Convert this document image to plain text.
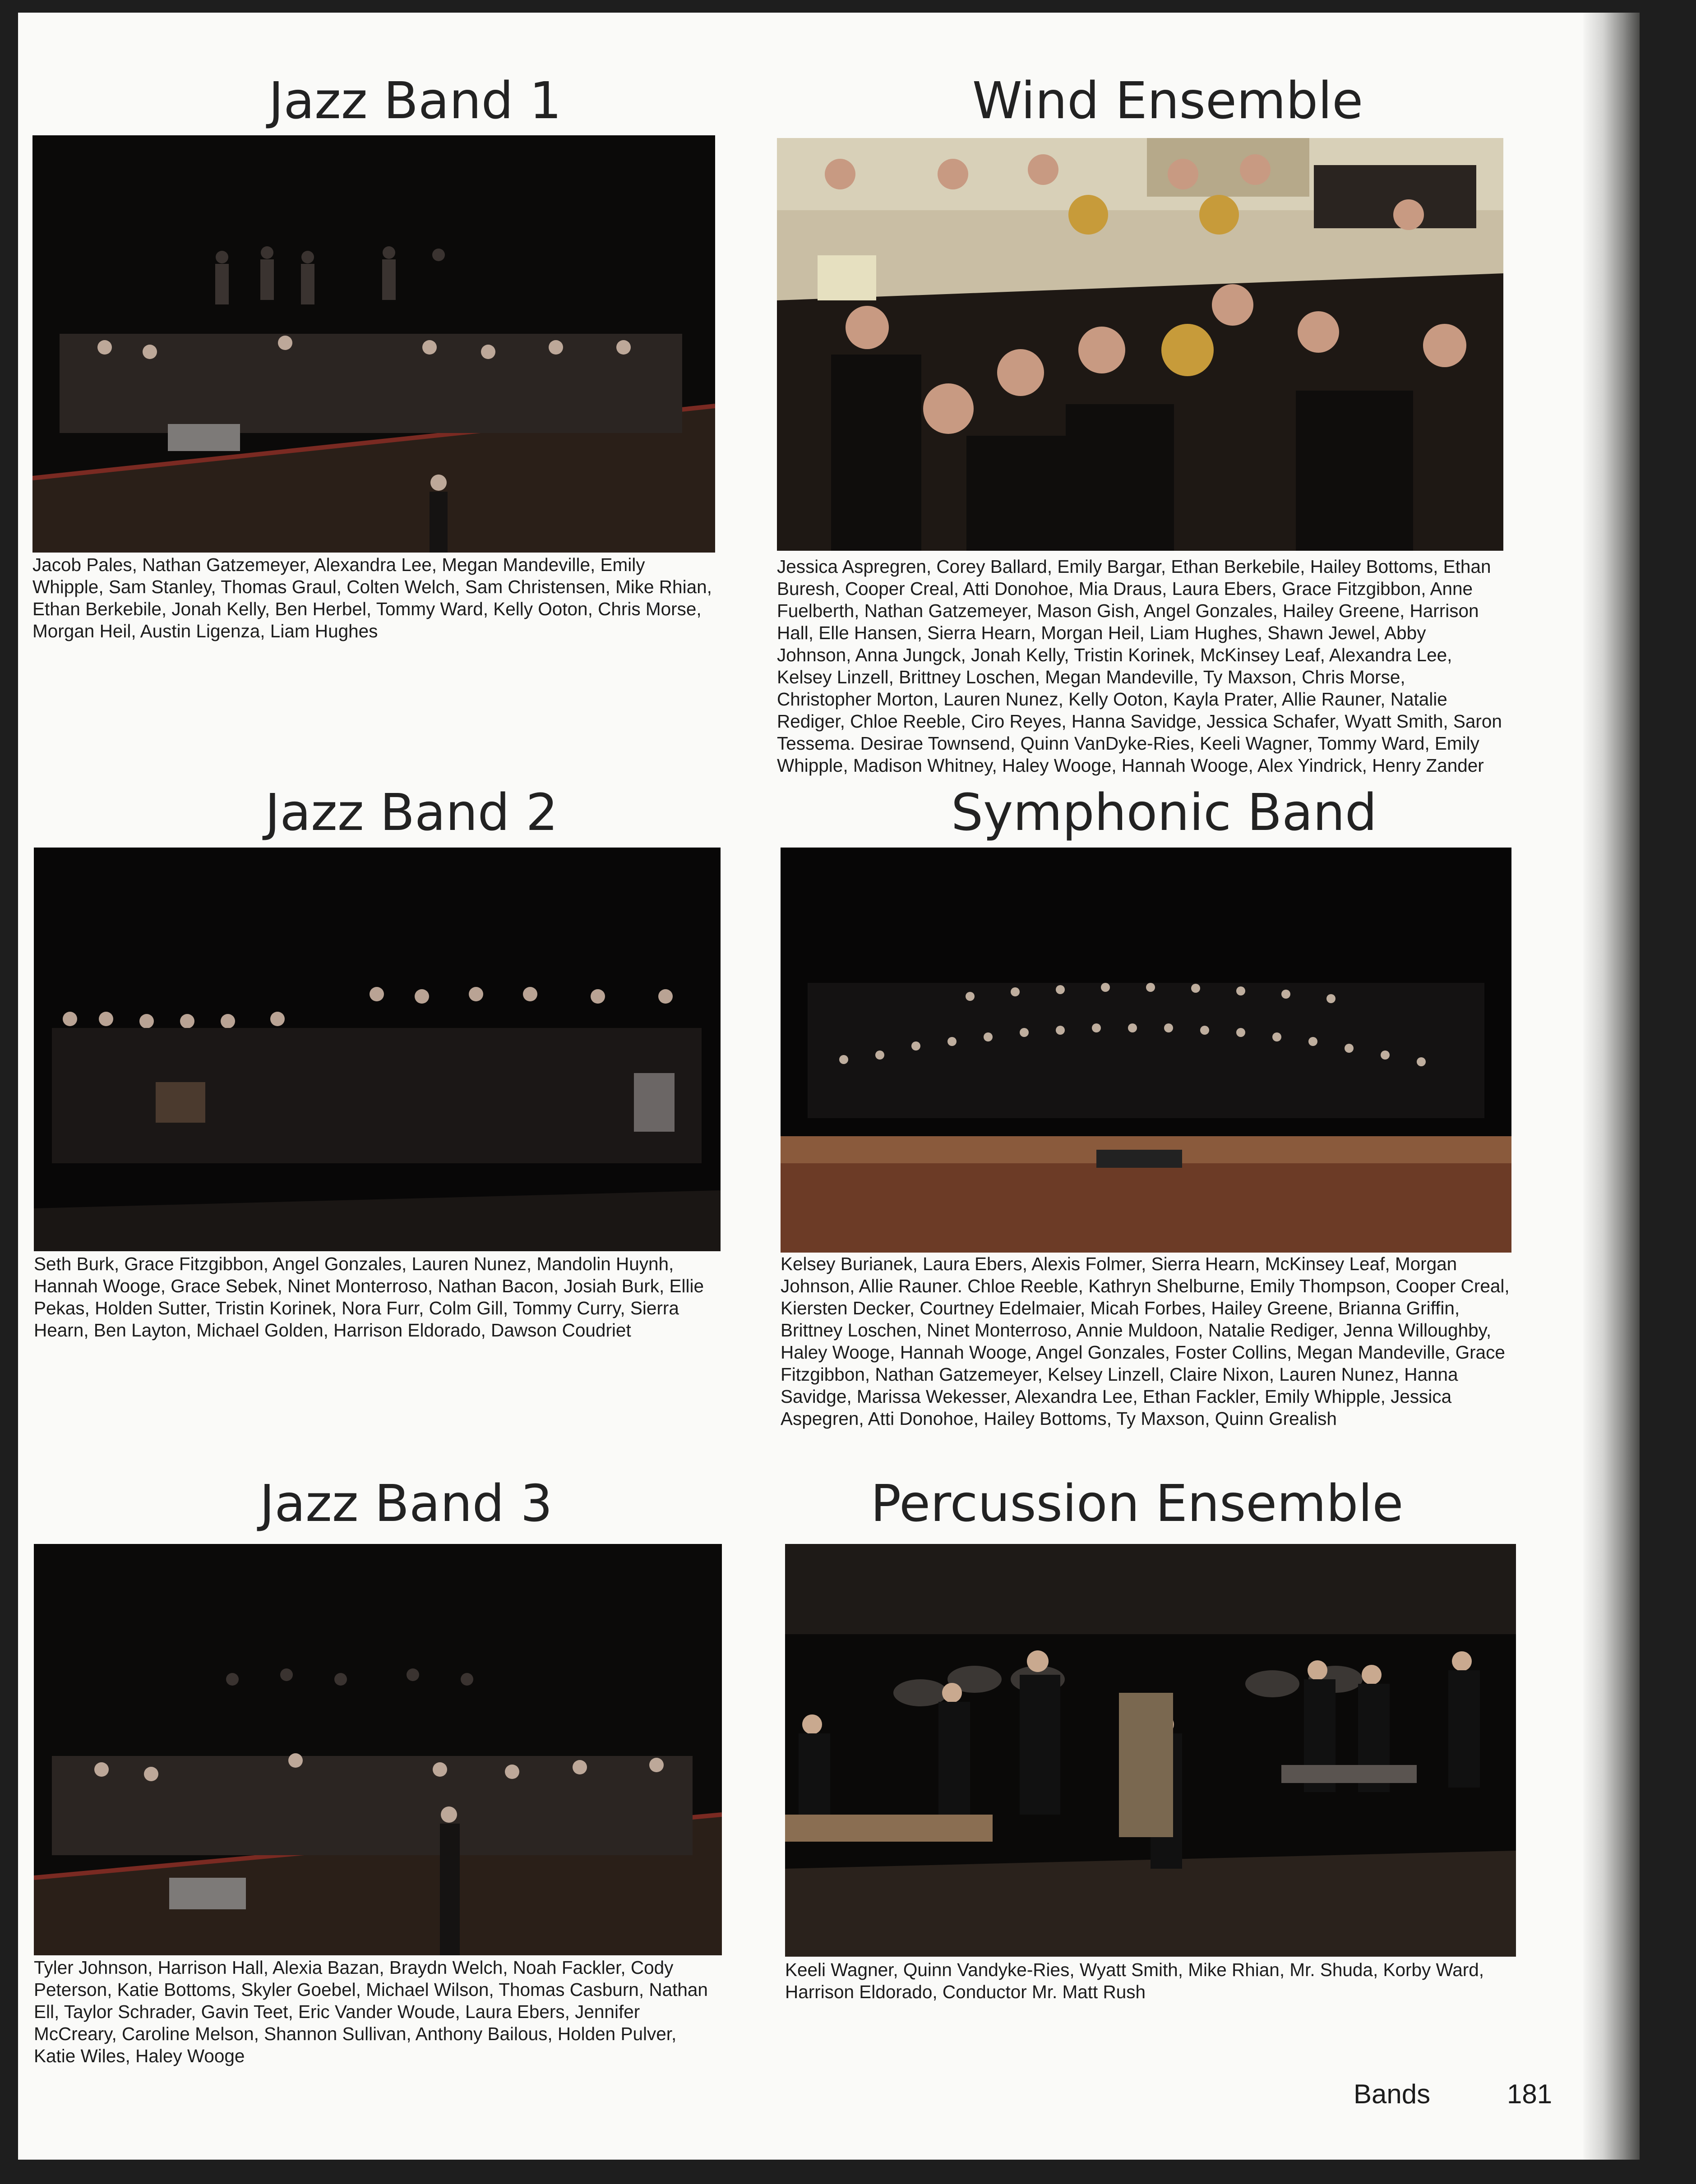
Jazz Band 1

Jacob Pales, Nathan Gatzemeyer, Alexandra Lee, Megan Mandeville, Emily Whipple, Sam Stanley, Thomas Graul, Colten Welch, Sam Christensen, Mike Rhian, Ethan Berkebile, Jonah Kelly, Ben Herbel, Tommy Ward, Kelly Ooton, Chris Morse, Morgan Heil, Austin Ligenza, Liam Hughes

Wind Ensemble

Jessica Aspregren, Corey Ballard, Emily Bargar, Ethan Berkebile, Hailey Bottoms, Ethan Buresh, Cooper Creal, Atti Donohoe, Mia Draus, Laura Ebers, Grace Fitzgibbon, Anne Fuelberth, Nathan Gatzemeyer, Mason Gish, Angel Gonzales, Hailey Greene, Harrison Hall, Elle Hansen, Sierra Hearn, Morgan Heil, Liam Hughes, Shawn Jewel, Abby Johnson, Anna Jungck, Jonah Kelly, Tristin Korinek, McKinsey Leaf, Alexandra Lee, Kelsey Linzell, Brittney Loschen, Megan Mandeville, Ty Maxson, Chris Morse, Christopher Morton, Lauren Nunez, Kelly Ooton, Kayla Prater, Allie Rauner, Natalie Rediger, Chloe Reeble, Ciro Reyes, Hanna Savidge, Jessica Schafer, Wyatt Smith, Saron Tessema. Desirae Townsend, Quinn VanDyke-Ries, Keeli Wagner, Tommy Ward, Emily Whipple, Madison Whitney, Haley Wooge, Hannah Wooge, Alex Yindrick, Henry Zander

Jazz Band 2

Seth Burk, Grace Fitzgibbon, Angel Gonzales, Lauren Nunez, Mandolin Huynh, Hannah Wooge, Grace Sebek, Ninet Monterroso, Nathan Bacon, Josiah Burk, Ellie Pekas, Holden Sutter, Tristin Korinek, Nora Furr, Colm Gill, Tommy Curry, Sierra Hearn, Ben Layton, Michael Golden, Harrison Eldorado, Dawson Coudriet

Symphonic Band

Kelsey Burianek, Laura Ebers, Alexis Folmer, Sierra Hearn, McKinsey Leaf, Morgan Johnson, Allie Rauner. Chloe Reeble, Kathryn Shelburne, Emily Thompson, Cooper Creal, Kiersten Decker, Courtney Edelmaier, Micah Forbes, Hailey Greene, Brianna Griffin, Brittney Loschen, Ninet Monterroso, Annie Muldoon, Natalie Rediger, Jenna Willoughby, Haley Wooge, Hannah Wooge, Angel Gonzales, Foster Collins, Megan Mandeville, Grace Fitzgibbon, Nathan Gatzemeyer, Kelsey Linzell, Claire Nixon, Lauren Nunez, Hanna Savidge, Marissa Wekesser, Alexandra Lee, Ethan Fackler, Emily Whipple, Jessica Aspegren, Atti Donohoe, Hailey Bottoms, Ty Maxson, Quinn Grealish

Jazz Band 3

Tyler Johnson, Harrison Hall, Alexia Bazan, Braydn Welch, Noah Fackler, Cody Peterson, Katie Bottoms, Skyler Goebel, Michael Wilson, Thomas Casburn, Nathan Ell, Taylor Schrader, Gavin Teet, Eric Vander Woude, Laura Ebers, Jennifer McCreary, Caroline Melson, Shannon Sullivan, Anthony Bailous, Holden Pulver, Katie Wiles, Haley Wooge

Percussion Ensemble

Keeli Wagner, Quinn Vandyke-Ries, Wyatt Smith, Mike Rhian, Mr. Shuda, Korby Ward, Harrison Eldorado, Conductor Mr. Matt Rush

Bands	181
